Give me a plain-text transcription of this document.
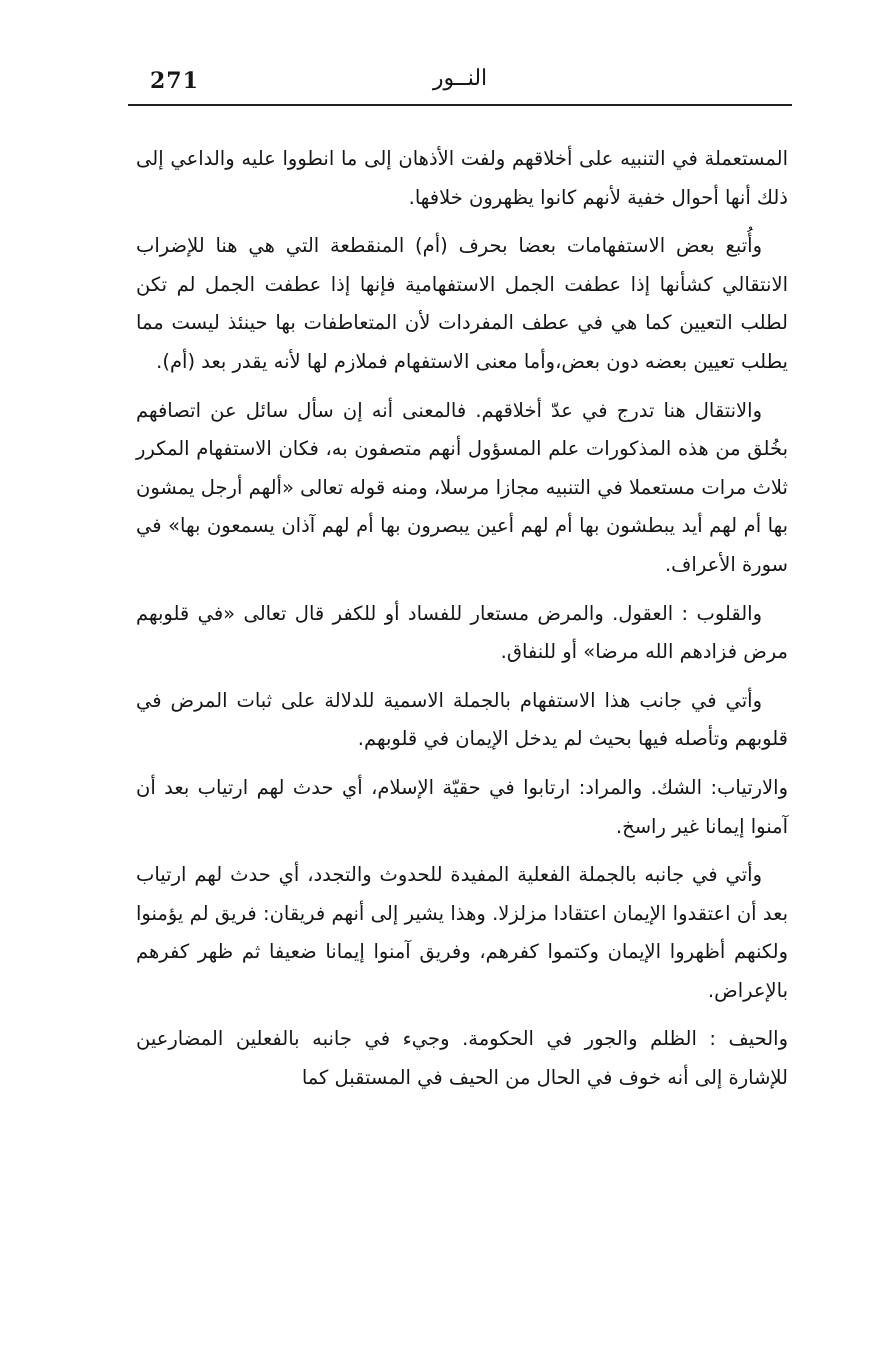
271	النــور

المستعملة في التنبيه على أخلاقهم ولفت الأذهان إلى ما انطووا عليه والداعي إلى ذلك أنها أحوال خفية لأنهم كانوا يظهرون خلافها.

وأُتبع بعض الاستفهامات بعضا بحرف (أم) المنقطعة التي هي هنا للإضراب الانتقالي كشأنها إذا عطفت الجمل الاستفهامية فإنها إذا عطفت الجمل لم تكن لطلب التعيين كما هي في عطف المفردات لأن المتعاطفات بها حينئذ ليست مما يطلب تعيين بعضه دون بعض،وأما معنى الاستفهام فملازم لها لأنه يقدر بعد (أم).

والانتقال هنا تدرج في عدّ أخلاقهم. فالمعنى أنه إن سأل سائل عن اتصافهم بخُلق من هذه المذكورات علم المسؤول أنهم متصفون به، فكان الاستفهام المكرر ثلاث مرات مستعملا في التنبيه مجازا مرسلا، ومنه قوله تعالى «ألهم أرجل يمشون بها أم لهم أيد يبطشون بها أم لهم أعين يبصرون بها أم لهم آذان يسمعون بها» في سورة الأعراف.

والقلوب : العقول. والمرض مستعار للفساد أو للكفر قال تعالى «في قلوبهم مرض فزادهم الله مرضا» أو للنفاق.

وأتي في جانب هذا الاستفهام بالجملة الاسمية للدلالة على ثبات المرض في قلوبهم وتأصله فيها بحيث لم يدخل الإيمان في قلوبهم.

والارتياب: الشك. والمراد: ارتابوا في حقيّة الإسلام، أي حدث لهم ارتياب بعد أن آمنوا إيمانا غير راسخ.

وأتي في جانبه بالجملة الفعلية المفيدة للحدوث والتجدد، أي حدث لهم ارتياب بعد أن اعتقدوا الإيمان اعتقادا مزلزلا. وهذا يشير إلى أنهم فريقان: فريق لم يؤمنوا ولكنهم أظهروا الإيمان وكتموا كفرهم، وفريق آمنوا إيمانا ضعيفا ثم ظهر كفرهم بالإعراض.

والحيف : الظلم والجور في الحكومة. وجيء في جانبه بالفعلين المضارعين للإشارة إلى أنه خوف في الحال من الحيف في المستقبل كما
